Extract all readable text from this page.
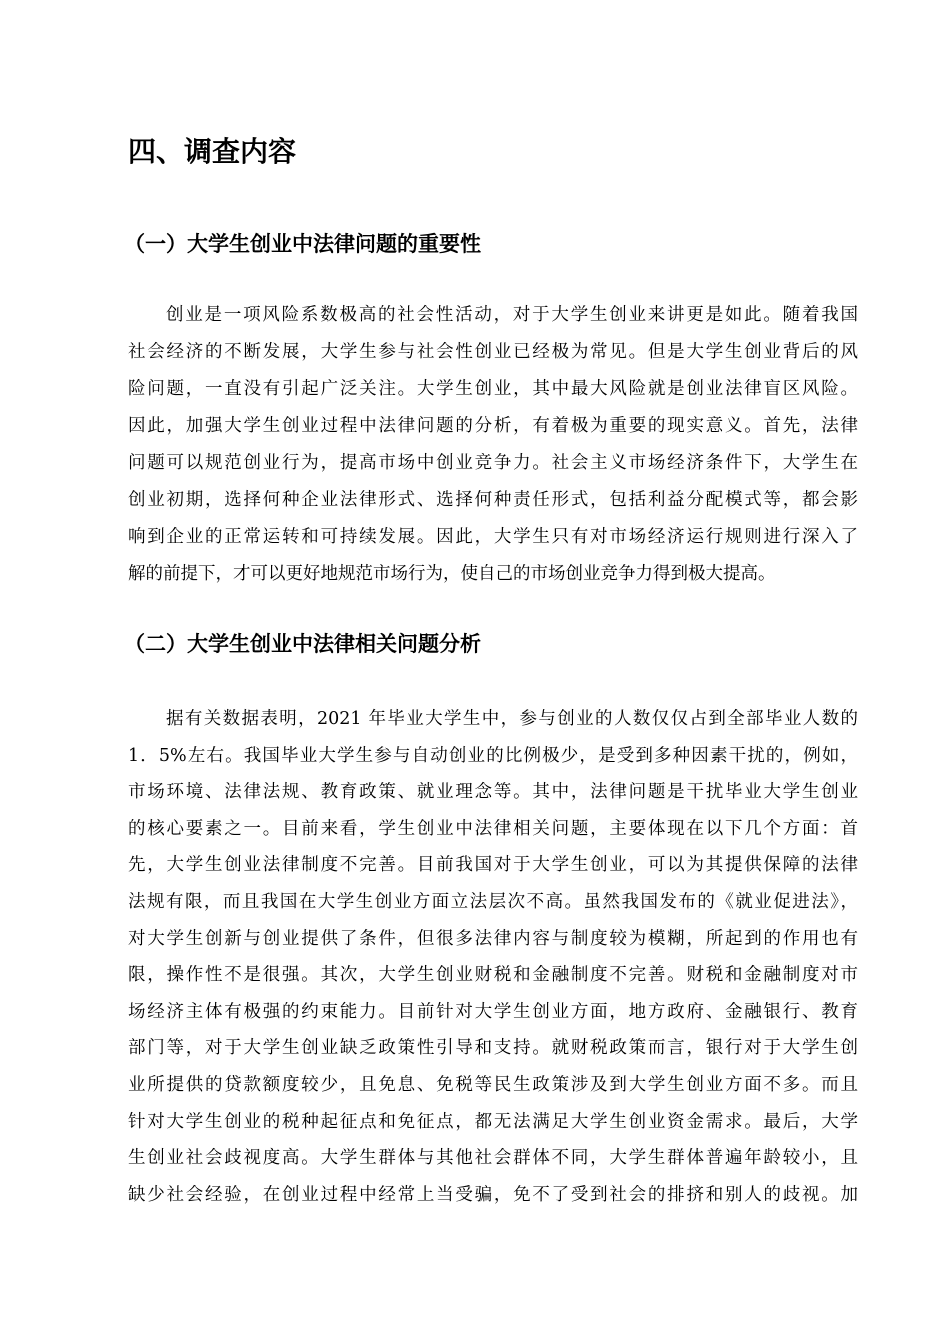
四、调查内容
（一）大学生创业中法律问题的重要性
创业是一项风险系数极高的社会性活动，对于大学生创业来讲更是如此。随着我国
社会经济的不断发展，大学生参与社会性创业已经极为常见。但是大学生创业背后的风
险问题，一直没有引起广泛关注。大学生创业，其中最大风险就是创业法律盲区风险。
因此，加强大学生创业过程中法律问题的分析，有着极为重要的现实意义。首先，法律
问题可以规范创业行为，提高市场中创业竞争力。社会主义市场经济条件下，大学生在
创业初期，选择何种企业法律形式、选择何种责任形式，包括利益分配模式等，都会影
响到企业的正常运转和可持续发展。因此，大学生只有对市场经济运行规则进行深入了
解的前提下，才可以更好地规范市场行为，使自己的市场创业竞争力得到极大提高。
（二）大学生创业中法律相关问题分析
据有关数据表明，2021 年毕业大学生中，参与创业的人数仅仅占到全部毕业人数的
1．5%左右。我国毕业大学生参与自动创业的比例极少，是受到多种因素干扰的，例如，
市场环境、法律法规、教育政策、就业理念等。其中，法律问题是干扰毕业大学生创业
的核心要素之一。目前来看，学生创业中法律相关问题，主要体现在以下几个方面：首
先，大学生创业法律制度不完善。目前我国对于大学生创业，可以为其提供保障的法律
法规有限，而且我国在大学生创业方面立法层次不高。虽然我国发布的《就业促进法》，
对大学生创新与创业提供了条件，但很多法律内容与制度较为模糊，所起到的作用也有
限，操作性不是很强。其次，大学生创业财税和金融制度不完善。财税和金融制度对市
场经济主体有极强的约束能力。目前针对大学生创业方面，地方政府、金融银行、教育
部门等，对于大学生创业缺乏政策性引导和支持。就财税政策而言，银行对于大学生创
业所提供的贷款额度较少，且免息、免税等民生政策涉及到大学生创业方面不多。而且
针对大学生创业的税种起征点和免征点，都无法满足大学生创业资金需求。最后，大学
生创业社会歧视度高。大学生群体与其他社会群体不同，大学生群体普遍年龄较小，且
缺少社会经验，在创业过程中经常上当受骗，免不了受到社会的排挤和别人的歧视。加
